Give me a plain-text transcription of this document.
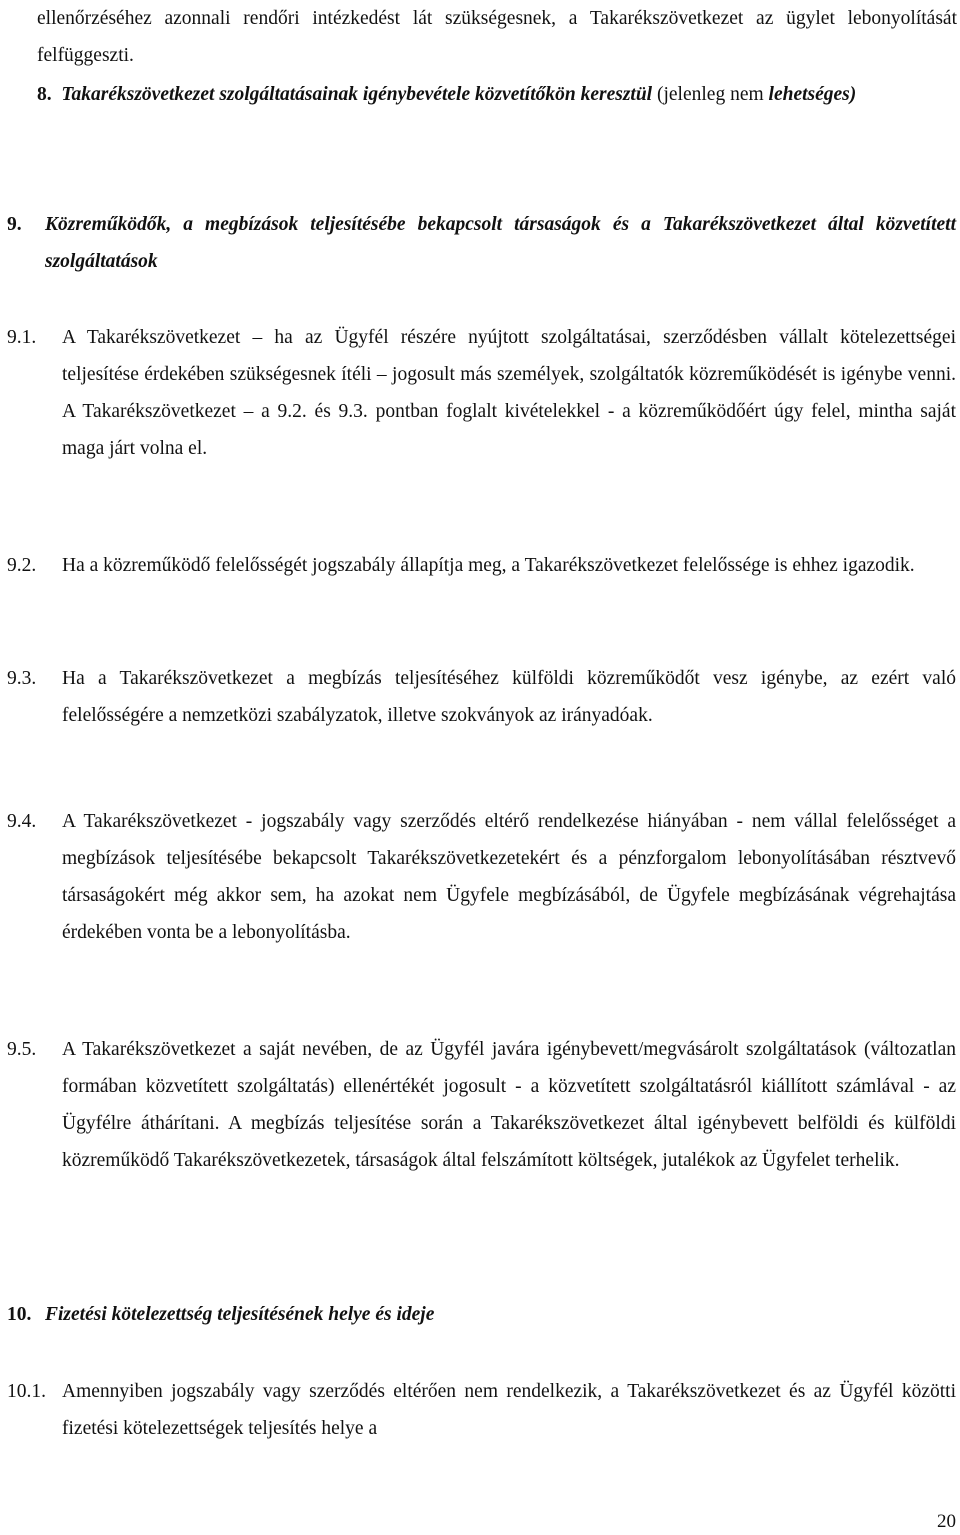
ellenőrzéséhez azonnali rendőri intézkedést lát szükségesnek, a Takarékszövetkezet az ügylet lebonyolítását felfüggeszti.
8. Takarékszövetkezet szolgáltatásainak igénybevétele közvetítőkön keresztül (jelenleg nem lehetséges)
9. Közreműködők, a megbízások teljesítésébe bekapcsolt társaságok és a Takarékszövetkezet által közvetített szolgáltatások
9.1. A Takarékszövetkezet – ha az Ügyfél részére nyújtott szolgáltatásai, szerződésben vállalt kötelezettségei teljesítése érdekében szükségesnek ítéli – jogosult más személyek, szolgáltatók közreműködését is igénybe venni. A Takarékszövetkezet – a 9.2. és 9.3. pontban foglalt kivételekkel - a közreműködőért úgy felel, mintha saját maga járt volna el.
9.2. Ha a közreműködő felelősségét jogszabály állapítja meg, a Takarékszövetkezet felelőssége is ehhez igazodik.
9.3. Ha a Takarékszövetkezet a megbízás teljesítéséhez külföldi közreműködőt vesz igénybe, az ezért való felelősségére a nemzetközi szabályzatok, illetve szokványok az irányadóak.
9.4. A Takarékszövetkezet - jogszabály vagy szerződés eltérő rendelkezése hiányában - nem vállal felelősséget a megbízások teljesítésébe bekapcsolt Takarékszövetkezetekért és a pénzforgalom lebonyolításában résztvevő társaságokért még akkor sem, ha azokat nem Ügyfele megbízásából, de Ügyfele megbízásának végrehajtása érdekében vonta be a lebonyolításba.
9.5. A Takarékszövetkezet a saját nevében, de az Ügyfél javára igénybevett/megvásárolt szolgáltatások (változatlan formában közvetített szolgáltatás) ellenértékét jogosult - a közvetített szolgáltatásról kiállított számlával - az Ügyfélre áthárítani. A megbízás teljesítése során a Takarékszövetkezet által igénybevett belföldi és külföldi közreműködő Takarékszövetkezetek, társaságok által felszámított költségek, jutalékok az Ügyfelet terhelik.
10. Fizetési kötelezettség teljesítésének helye és ideje
10.1. Amennyiben jogszabály vagy szerződés eltérően nem rendelkezik, a Takarékszövetkezet és az Ügyfél közötti fizetési kötelezettségek teljesítés helye a
20
